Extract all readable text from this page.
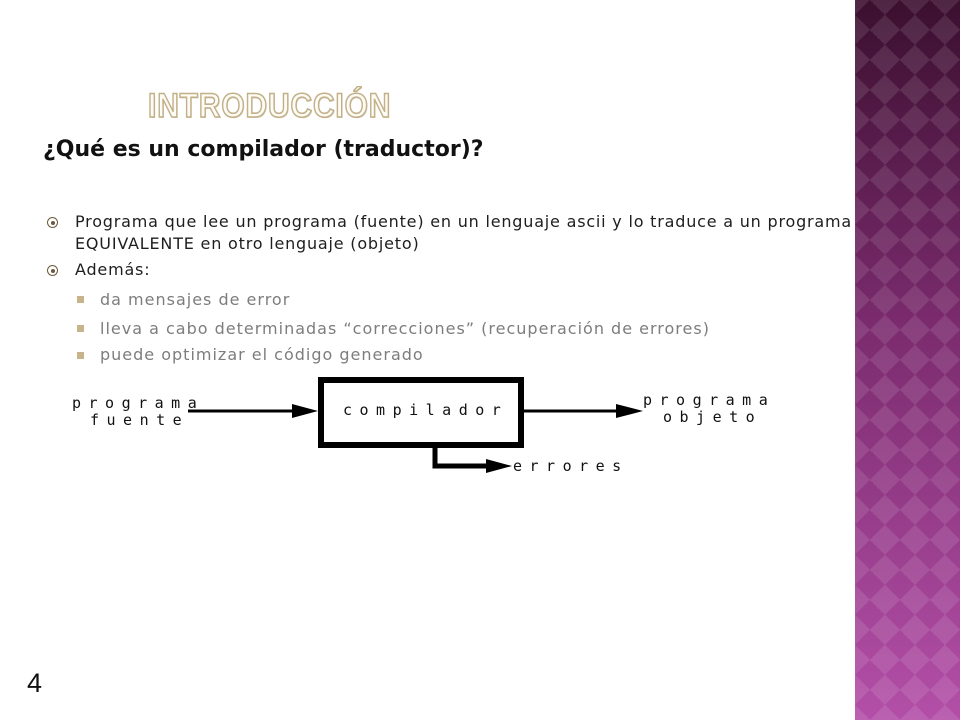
INTRODUCCIÓN
¿Qué es un compilador (traductor)?
Programa que lee un programa (fuente) en un lenguaje ascii y lo traduce a un programa
EQUIVALENTE en otro lenguaje (objeto)
Además:
da mensajes de error
lleva a cabo determinadas “correcciones” (recuperación de errores)
puede optimizar el código generado
programa
fuente
compilador
programa
objeto
errores
4
